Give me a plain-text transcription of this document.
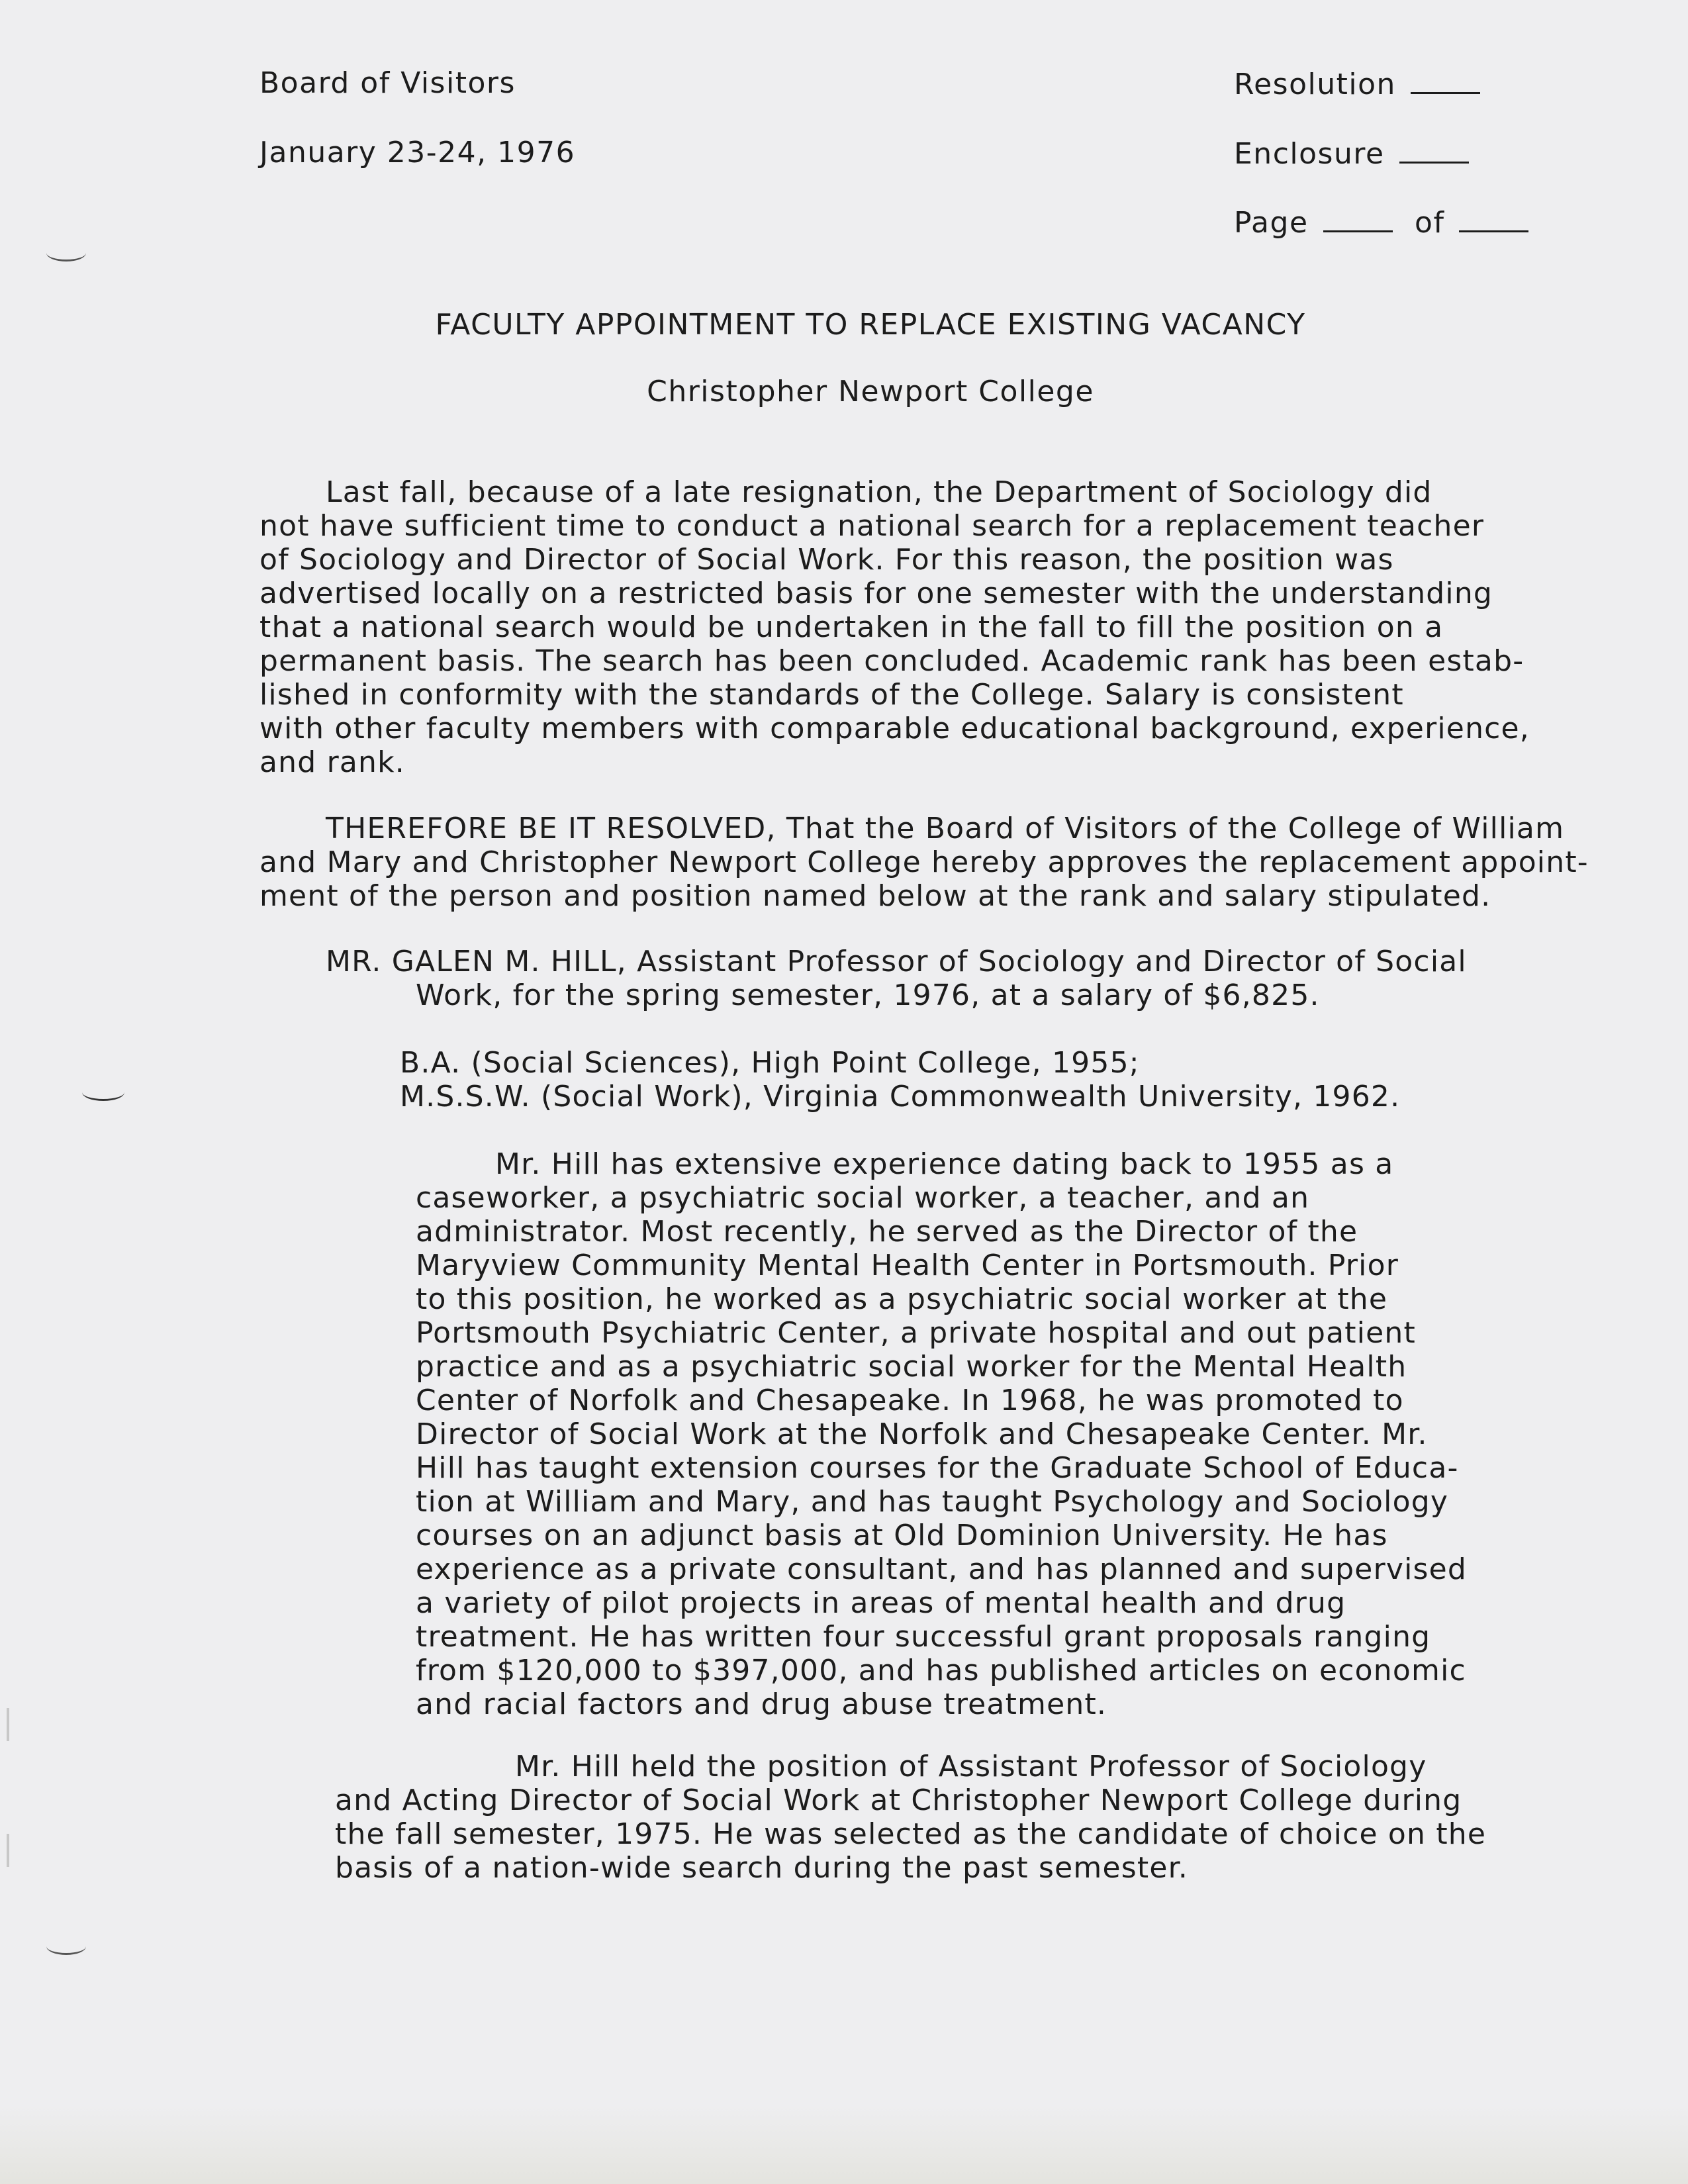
Board of Visitors
January 23-24, 1976
Resolution
Enclosure
Page	of
FACULTY APPOINTMENT TO REPLACE EXISTING VACANCY
Christopher Newport College
Last fall, because of a late resignation, the Department of Sociology did
not have sufficient time to conduct a national search for a replacement teacher
of Sociology and Director of Social Work. For this reason, the position was
advertised locally on a restricted basis for one semester with the understanding
that a national search would be undertaken in the fall to fill the position on a
permanent basis. The search has been concluded. Academic rank has been estab-
lished in conformity with the standards of the College. Salary is consistent
with other faculty members with comparable educational background, experience,
and rank.
THEREFORE BE IT RESOLVED, That the Board of Visitors of the College of William
and Mary and Christopher Newport College hereby approves the replacement appoint-
ment of the person and position named below at the rank and salary stipulated.
MR. GALEN M. HILL, Assistant Professor of Sociology and Director of Social
Work, for the spring semester, 1976, at a salary of $6,825.
B.A. (Social Sciences), High Point College, 1955;
M.S.S.W. (Social Work), Virginia Commonwealth University, 1962.
Mr. Hill has extensive experience dating back to 1955 as a
caseworker, a psychiatric social worker, a teacher, and an
administrator. Most recently, he served as the Director of the
Maryview Community Mental Health Center in Portsmouth. Prior
to this position, he worked as a psychiatric social worker at the
Portsmouth Psychiatric Center, a private hospital and out patient
practice and as a psychiatric social worker for the Mental Health
Center of Norfolk and Chesapeake. In 1968, he was promoted to
Director of Social Work at the Norfolk and Chesapeake Center. Mr.
Hill has taught extension courses for the Graduate School of Educa-
tion at William and Mary, and has taught Psychology and Sociology
courses on an adjunct basis at Old Dominion University. He has
experience as a private consultant, and has planned and supervised
a variety of pilot projects in areas of mental health and drug
treatment. He has written four successful grant proposals ranging
from $120,000 to $397,000, and has published articles on economic
and racial factors and drug abuse treatment.
Mr. Hill held the position of Assistant Professor of Sociology
and Acting Director of Social Work at Christopher Newport College during
the fall semester, 1975. He was selected as the candidate of choice on the
basis of a nation-wide search during the past semester.
